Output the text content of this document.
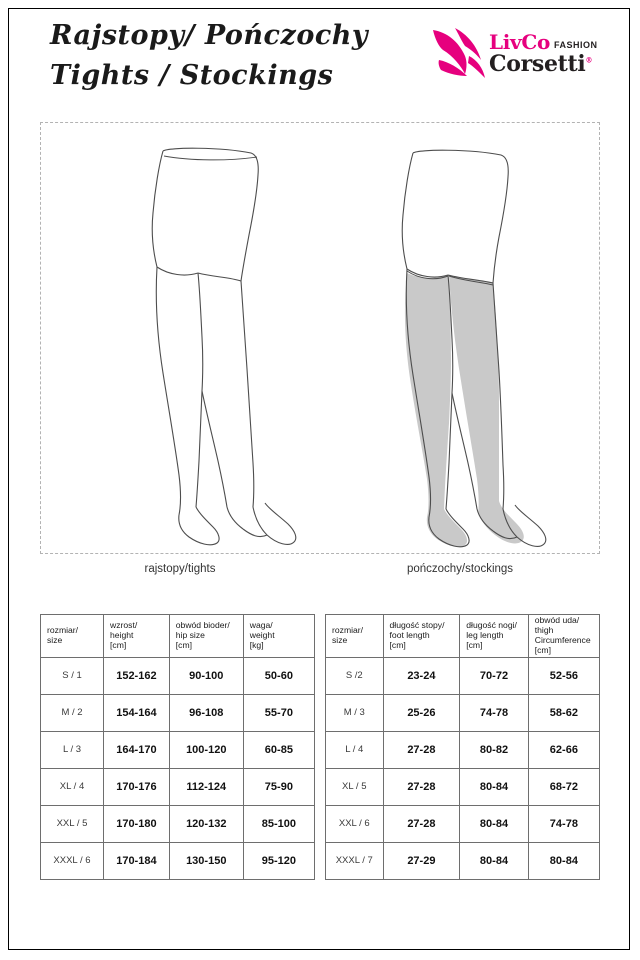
Rajstopy/ Pończochy
Tights / Stockings
LivCo FASHION
Corsetti®
rajstopy/tights	pończochy/stockings
rozmiar/
size	wzrost/
height
[cm]	obwód bioder/
hip size
[cm]	waga/
weight
[kg]

S / 1	152-162	90-100	50-60
M / 2	154-164	96-108	55-70
L / 3	164-170	100-120	60-85
XL / 4	170-176	112-124	75-90
XXL / 5	170-180	120-132	85-100
XXXL / 6	170-184	130-150	95-120
rozmiar/
size	długość stopy/
foot length
[cm]	długość nogi/
leg length
[cm]	obwód uda/
thigh
Circumference
[cm]

S /2	23-24	70-72	52-56
M / 3	25-26	74-78	58-62
L / 4	27-28	80-82	62-66
XL / 5	27-28	80-84	68-72
XXL / 6	27-28	80-84	74-78
XXXL / 7	27-29	80-84	80-84
